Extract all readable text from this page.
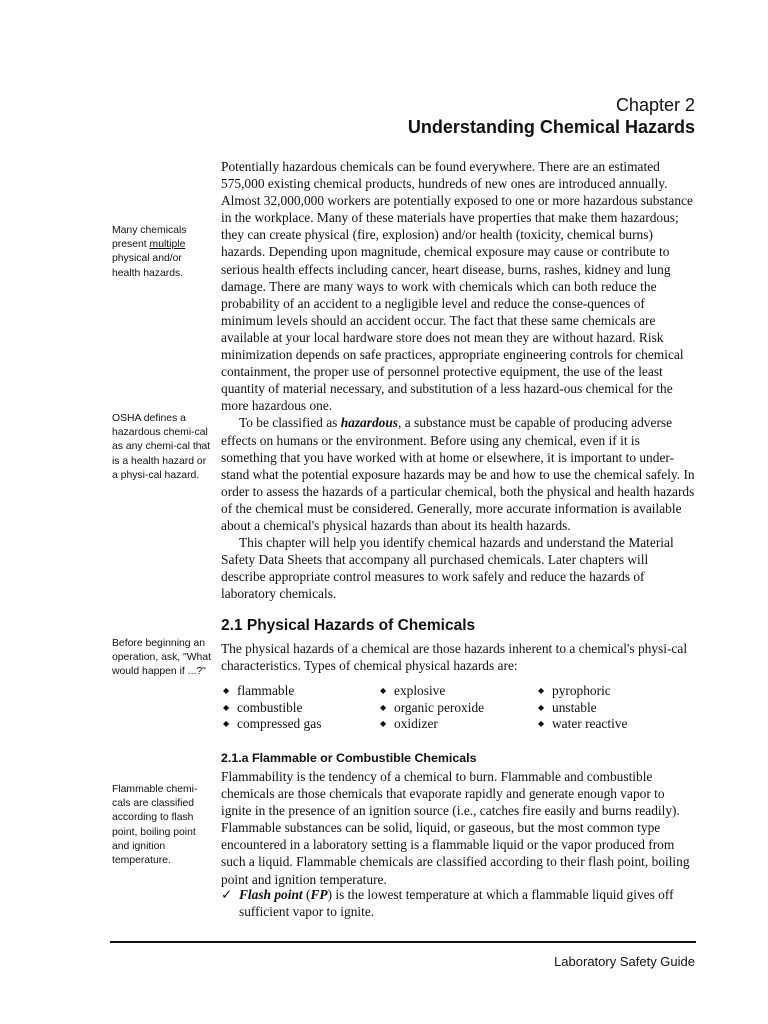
Chapter 2
Understanding Chemical Hazards
Many chemicals present multiple physical and/or health hazards.
OSHA defines a hazardous chemi-cal as any chemi-cal that is a health hazard or a physi-cal hazard.
Before beginning an operation, ask, "What would happen if ...?"
Flammable chemi-cals are classified according to flash point, boiling point and ignition temperature.

Potentially hazardous chemicals can be found everywhere. There are an estimated 575,000 existing chemical products, hundreds of new ones are introduced annually. Almost 32,000,000 workers are potentially exposed to one or more hazardous substance in the workplace. Many of these materials have properties that make them hazardous; they can create physical (fire, explosion) and/or health (toxicity, chemical burns) hazards. Depending upon magnitude, chemical exposure may cause or contribute to serious health effects including cancer, heart disease, burns, rashes, kidney and lung damage. There are many ways to work with chemicals which can both reduce the probability of an accident to a negligible level and reduce the conse-quences of minimum levels should an accident occur. The fact that these same chemicals are available at your local hardware store does not mean they are without hazard. Risk minimization depends on safe practices, appropriate engineering controls for chemical containment, the proper use of personnel protective equipment, the use of the least quantity of material necessary, and substitution of a less hazard-ous chemical for the more hazardous one.

To be classified as hazardous, a substance must be capable of producing adverse effects on humans or the environment. Before using any chemical, even if it is something that you have worked with at home or elsewhere, it is important to under-stand what the potential exposure hazards may be and how to use the chemical safely. In order to assess the hazards of a particular chemical, both the physical and health hazards of the chemical must be considered. Generally, more accurate information is available about a chemical's physical hazards than about its health hazards.

This chapter will help you identify chemical hazards and understand the Material Safety Data Sheets that accompany all purchased chemicals. Later chapters will describe appropriate control measures to work safely and reduce the hazards of laboratory chemicals.

2.1 Physical Hazards of Chemicals
The physical hazards of a chemical are those hazards inherent to a chemical's physi-cal characteristics. Types of chemical physical hazards are:
◆ flammable	◆ explosive	◆ pyrophoric
◆ combustible	◆ organic peroxide	◆ unstable
◆ compressed gas	◆ oxidizer	◆ water reactive
2.1.a Flammable or Combustible Chemicals
Flammability is the tendency of a chemical to burn. Flammable and combustible chemicals are those chemicals that evaporate rapidly and generate enough vapor to ignite in the presence of an ignition source (i.e., catches fire easily and burns readily). Flammable substances can be solid, liquid, or gaseous, but the most common type encountered in a laboratory setting is a flammable liquid or the vapor produced from such a liquid. Flammable chemicals are classified according to their flash point, boiling point and ignition temperature.
✓ Flash point (FP) is the lowest temperature at which a flammable liquid gives off sufficient vapor to ignite.
Laboratory Safety Guide
